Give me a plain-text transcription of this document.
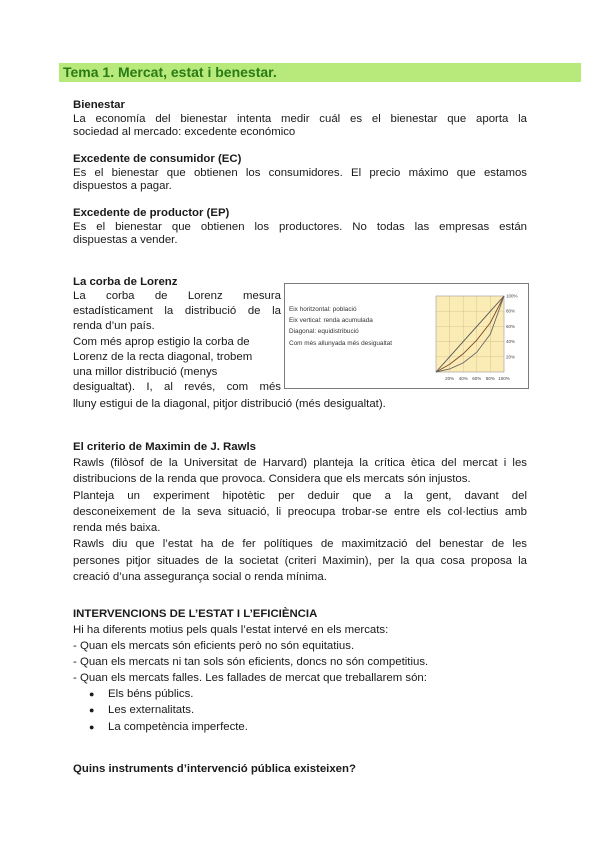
Tema 1. Mercat, estat i benestar.
Bienestar
La economía del bienestar intenta medir cuál es el bienestar que aporta la
sociedad al mercado: excedente económico
Excedente de consumidor (EC)
Es el bienestar que obtienen los consumidores. El precio máximo que estamos
dispuestos a pagar.
Excedente de productor (EP)
Es el bienestar que obtienen los productores. No todas las empresas están
dispuestas a vender.
La corba de Lorenz
La corba de Lorenz mesura
estadísticament la distribució de la
renda d’un país.
Com més aprop estigio la corba de
Lorenz de la recta diagonal, trobem
una millor distribució (menys
desigualtat). I, al revés, com més
lluny estigui de la diagonal, pitjor distribució (més desigualtat).
Eix horitzontal: població
Eix vertical: renda acumulada
Diagonal: equidistribució
Com més allunyada més desigualtat
20% 40% 60% 80% 100%
20%
40%
60%
80%
100%
El criterio de Maximin de J. Rawls
Rawls (filòsof de la Universitat de Harvard) planteja la crítica ètica del mercat i les
distribucions de la renda que provoca. Considera que els mercats són injustos.
Planteja un experiment hipotètic per deduir que a la gent, davant del
desconeixement de la seva situació, li preocupa trobar-se entre els col·lectius amb
renda més baixa.
Rawls diu que l’estat ha de fer polítiques de maximització del benestar de les
persones pitjor situades de la societat (criteri Maximin), per la qua cosa proposa la
creació d’una assegurança social o renda mínima.
INTERVENCIONS DE L’ESTAT I L’EFICIÈNCIA
Hi ha diferents motius pels quals l’estat intervé en els mercats:
- Quan els mercats són eficients però no són equitatius.
- Quan els mercats ni tan sols són eficients, doncs no són competitius.
- Quan els mercats falles. Les fallades de mercat que treballarem són:
● Els béns públics.
● Les externalitats.
● La competència imperfecte.
Quins instruments d’intervenció pública existeixen?
